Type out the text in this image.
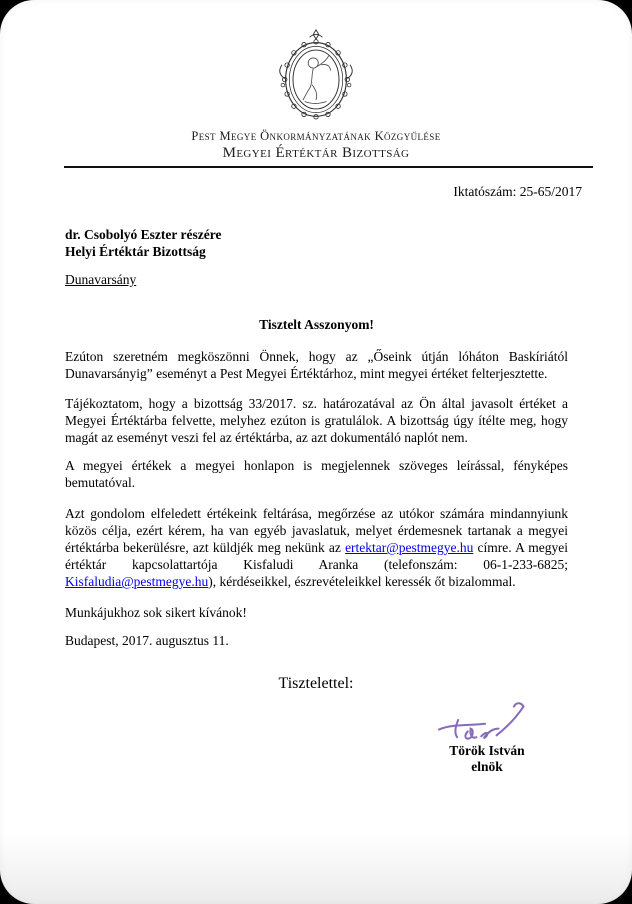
Pest Megye Önkormányzatának Közgyűlése
Megyei Értéktár Bizottság
Iktatószám: 25-65/2017
dr. Csobolyó Eszter részére
Helyi Értéktár Bizottság
Dunavarsány
Tisztelt Asszonyom!

Ezúton szeretném megköszönni Önnek, hogy az „Őseink útján lóháton Baskíriától Dunavarsányig” eseményt a Pest Megyei Értéktárhoz, mint megyei értéket felterjesztette.

Tájékoztatom, hogy a bizottság 33/2017. sz. határozatával az Ön által javasolt értéket a Megyei Értéktárba felvette, melyhez ezúton is gratulálok. A bizottság úgy ítélte meg, hogy magát az eseményt veszi fel az értéktárba, az azt dokumentáló naplót nem.

A megyei értékek a megyei honlapon is megjelennek szöveges leírással, fényképes bemutatóval.

Azt gondolom elfeledett értékeink feltárása, megőrzése az utókor számára mindannyiunk közös célja, ezért kérem, ha van egyéb javaslatuk, melyet érdemesnek tartanak a megyei értéktárba bekerülésre, azt küldjék meg nekünk az ertektar@pestmegye.hu címre. A megyei értéktár kapcsolattartója Kisfaludi Aranka (telefonszám: 06-1-233-6825; Kisfaludia@pestmegye.hu), kérdéseikkel, észrevételeikkel keressék őt bizalommal.

Munkájukhoz sok sikert kívánok!

Budapest, 2017. augusztus 11.

Tisztelettel:
Török István
elnök
